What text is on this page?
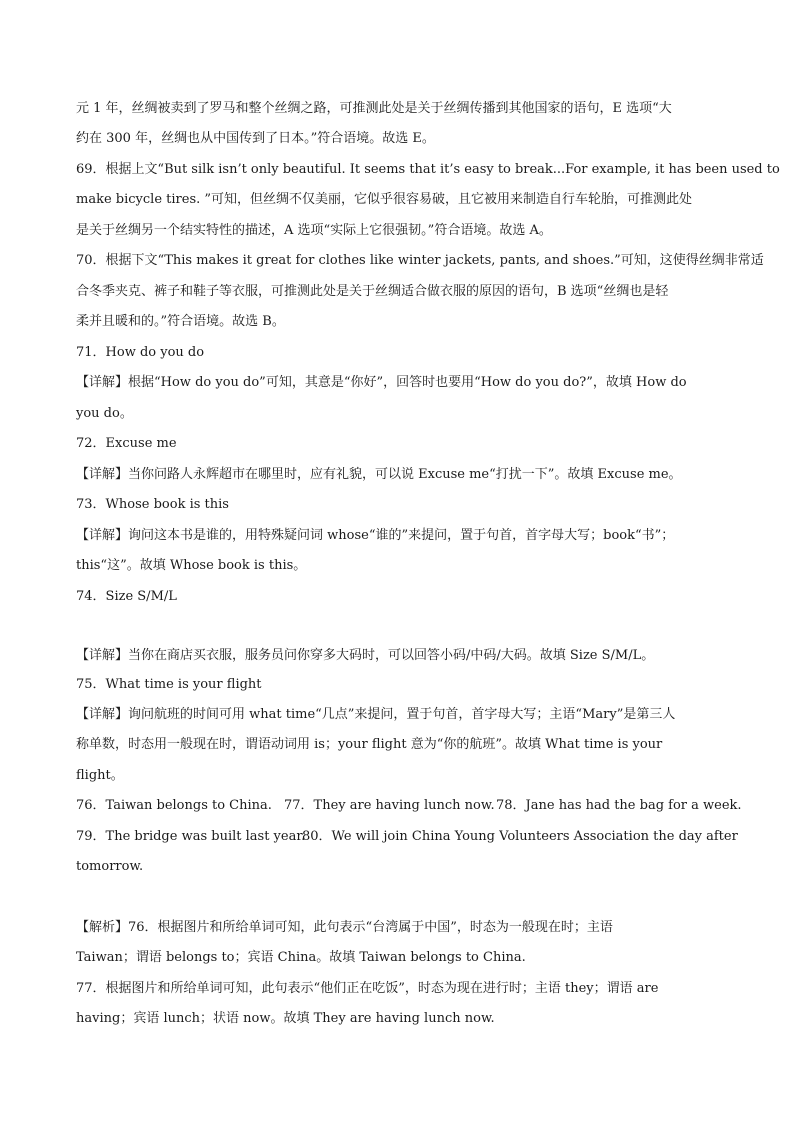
元 1 年，丝绸被卖到了罗马和整个丝绸之路，可推测此处是关于丝绸传播到其他国家的语句，E 选项“大
约在 300 年，丝绸也从中国传到了日本。”符合语境。故选 E。
69．根据上文“But silk isn’t only beautiful. It seems that it’s easy to break...For example, it has been used to
make bicycle tires. ”可知，但丝绸不仅美丽，它似乎很容易破，且它被用来制造自行车轮胎，可推测此处
是关于丝绸另一个结实特性的描述，A 选项“实际上它很强韧。”符合语境。故选 A。
70．根据下文“This makes it great for clothes like winter jackets, pants, and shoes.”可知，这使得丝绸非常适
合冬季夹克、裤子和鞋子等衣服，可推测此处是关于丝绸适合做衣服的原因的语句，B 选项“丝绸也是轻
柔并且暖和的。”符合语境。故选 B。
71．How do you do
【详解】根据“How do you do”可知，其意是“你好”，回答时也要用“How do you do?”，故填 How do
you do。
72．Excuse me
【详解】当你问路人永辉超市在哪里时，应有礼貌，可以说 Excuse me“打扰一下”。故填 Excuse me。
73．Whose book is this
【详解】询问这本书是谁的，用特殊疑问词 whose“谁的”来提问，置于句首，首字母大写；book“书”；
this“这”。故填 Whose book is this。
74．Size S/M/L
【详解】当你在商店买衣服，服务员问你穿多大码时，可以回答小码/中码/大码。故填 Size S/M/L。
75．What time is your flight
【详解】询问航班的时间可用 what time“几点”来提问，置于句首，首字母大写；主语“Mary”是第三人
称单数，时态用一般现在时，谓语动词用 is；your flight 意为“你的航班”。故填 What time is your
flight。
76．Taiwan belongs to China. 77．They are having lunch now. 78．Jane has had the bag for a week.
79．The bridge was built last year.
80．We will join China Young Volunteers Association the day after
tomorrow.
【解析】76．根据图片和所给单词可知，此句表示“台湾属于中国”，时态为一般现在时；主语
Taiwan；谓语 belongs to；宾语 China。故填 Taiwan belongs to China.
77．根据图片和所给单词可知，此句表示“他们正在吃饭”，时态为现在进行时；主语 they；谓语 are
having；宾语 lunch；状语 now。故填 They are having lunch now.
